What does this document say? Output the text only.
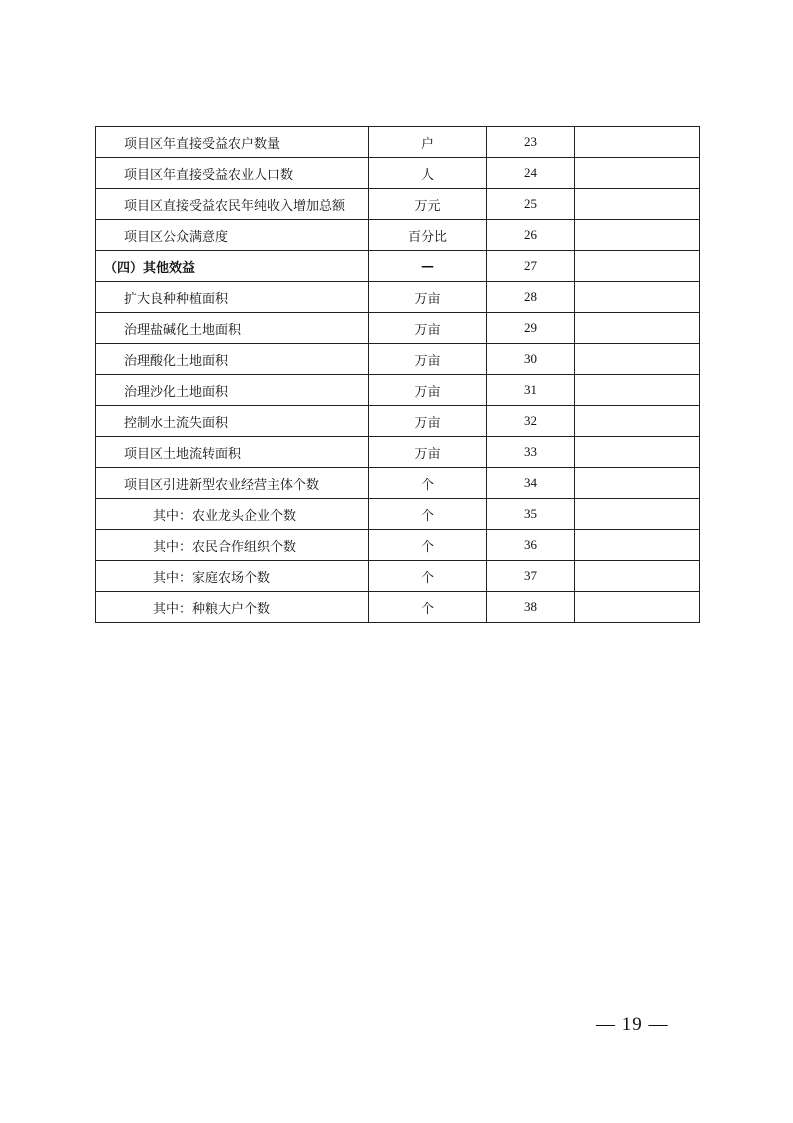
项目区年直接受益农户数量	户	23	
项目区年直接受益农业人口数	人	24	
项目区直接受益农民年纯收入增加总额	万元	25	
项目区公众满意度	百分比	26	
（四）其他效益	—	27	
扩大良种种植面积	万亩	28	
治理盐碱化土地面积	万亩	29	
治理酸化土地面积	万亩	30	
治理沙化土地面积	万亩	31	
控制水土流失面积	万亩	32	
项目区土地流转面积	万亩	33	
项目区引进新型农业经营主体个数	个	34	
其中：农业龙头企业个数	个	35	
其中：农民合作组织个数	个	36	
其中：家庭农场个数	个	37	
其中：种粮大户个数	个	38	
— 19 —
